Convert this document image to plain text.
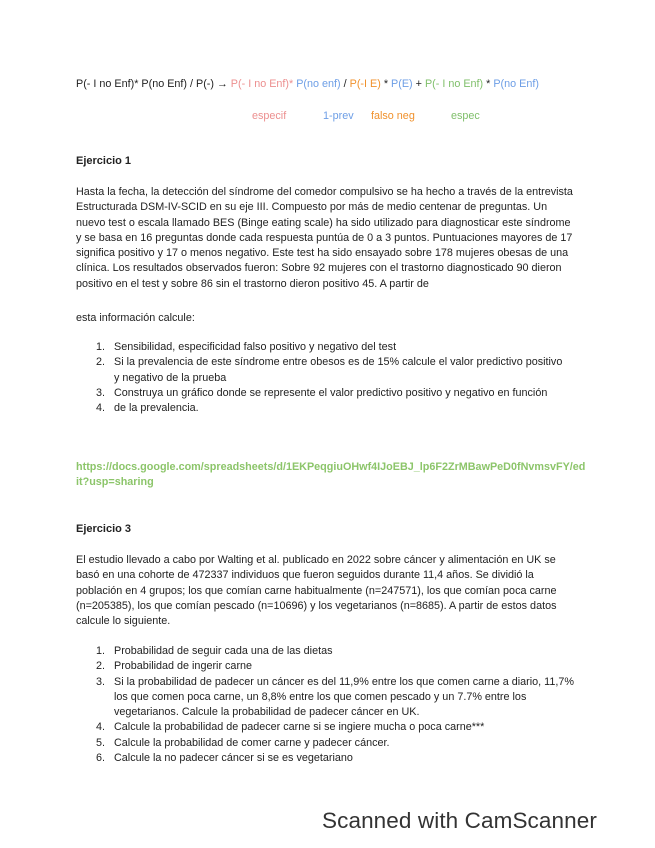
P(- I no Enf)* P(no Enf) / P(-) → P(- I no Enf)* P(no enf) / P(-I E) * P(E) + P(- I no Enf) * P(no Enf)
especif	1-prev falso neg	espec
Ejercicio 1

Hasta la fecha, la detección del síndrome del comedor compulsivo se ha hecho a través de la entrevista Estructurada DSM-IV-SCID en su eje III. Compuesto por más de medio centenar de preguntas. Un nuevo test o escala llamado BES (Binge eating scale) ha sido utilizado para diagnosticar este síndrome y se basa en 16 preguntas donde cada respuesta puntúa de 0 a 3 puntos. Puntuaciones mayores de 17 significa positivo y 17 o menos negativo. Este test ha sido ensayado sobre 178 mujeres obesas de una clínica. Los resultados observados fueron: Sobre 92 mujeres con el trastorno diagnosticado 90 dieron positivo en el test y sobre 86 sin el trastorno dieron positivo 45. A partir de

esta información calcule:

1. Sensibilidad, especificidad falso positivo y negativo del test
2. Si la prevalencia de este síndrome entre obesos es de 15% calcule el valor predictivo positivo
y negativo de la prueba
3. Construya un gráfico donde se represente el valor predictivo positivo y negativo en función
4. de la prevalencia.
https://docs.google.com/spreadsheets/d/1EKPeqgiuOHwf4IJoEBJ_lp6F2ZrMBawPeD0fNvmsvFY/edit?usp=sharing
Ejercicio 3

El estudio llevado a cabo por Walting et al. publicado en 2022 sobre cáncer y alimentación en UK se basó en una cohorte de 472337 individuos que fueron seguidos durante 11,4 años. Se dividió la población en 4 grupos; los que comían carne habitualmente (n=247571), los que comían poca carne (n=205385), los que comían pescado (n=10696) y los vegetarianos (n=8685). A partir de estos datos calcule lo siguiente.

1. Probabilidad de seguir cada una de las dietas
2. Probabilidad de ingerir carne
3. Si la probabilidad de padecer un cáncer es del 11,9% entre los que comen carne a diario, 11,7% los que comen poca carne, un 8,8% entre los que comen pescado y un 7.7% entre los vegetarianos. Calcule la probabilidad de padecer cáncer en UK.
4. Calcule la probabilidad de padecer carne si se ingiere mucha o poca carne***
5. Calcule la probabilidad de comer carne y padecer cáncer.
6. Calcule la no padecer cáncer si se es vegetariano
Scanned with CamScanner
